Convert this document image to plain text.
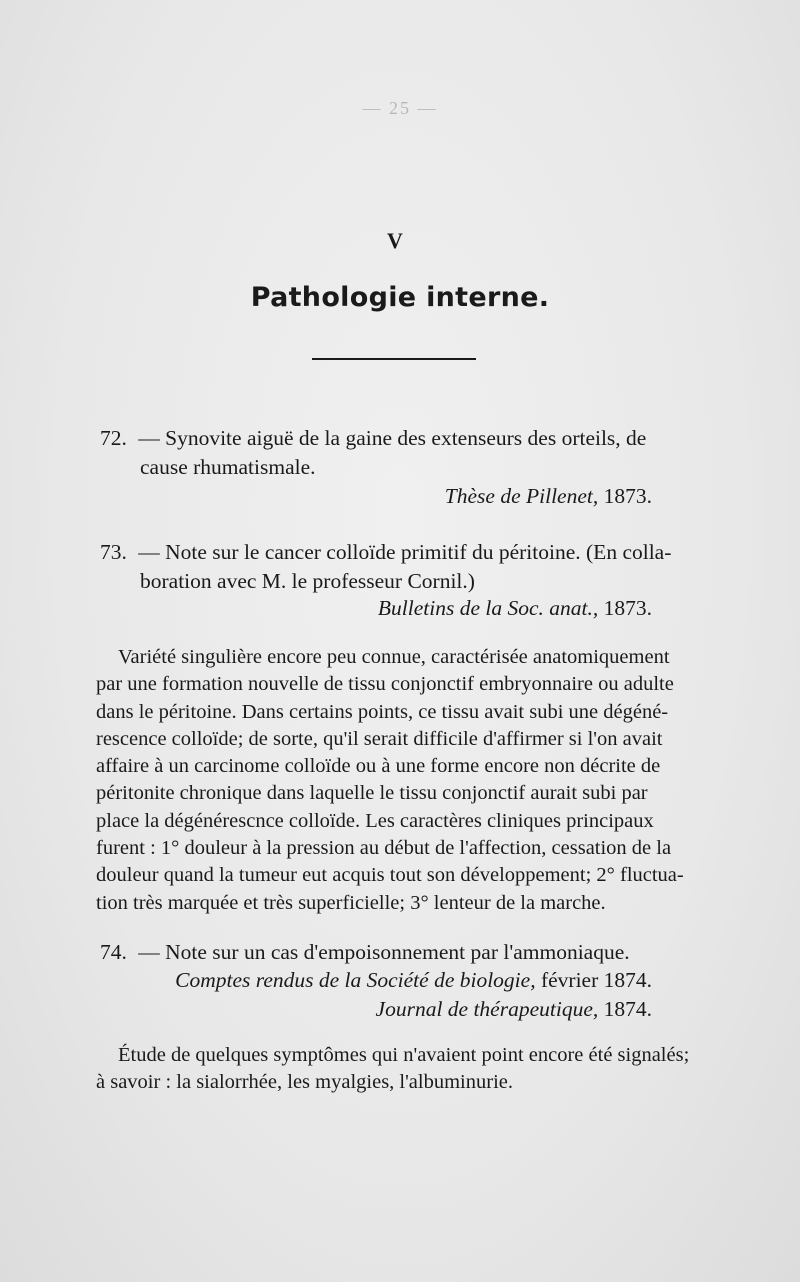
— 25 —
V
Pathologie interne.
72. — Synovite aiguë de la gaine des extenseurs des orteils, de
cause rhumatismale.
Thèse de Pillenet, 1873.
73. — Note sur le cancer colloïde primitif du péritoine. (En colla-
boration avec M. le professeur Cornil.)
Bulletins de la Soc. anat., 1873.
Variété singulière encore peu connue, caractérisée anatomiquement
par une formation nouvelle de tissu conjonctif embryonnaire ou adulte
dans le péritoine. Dans certains points, ce tissu avait subi une dégéné-
rescence colloïde; de sorte, qu'il serait difficile d'affirmer si l'on avait
affaire à un carcinome colloïde ou à une forme encore non décrite de
péritonite chronique dans laquelle le tissu conjonctif aurait subi par
place la dégénérescnce colloïde. Les caractères cliniques principaux
furent : 1° douleur à la pression au début de l'affection, cessation de la
douleur quand la tumeur eut acquis tout son développement; 2° fluctua-
tion très marquée et très superficielle; 3° lenteur de la marche.
74. — Note sur un cas d'empoisonnement par l'ammoniaque.
Comptes rendus de la Société de biologie, février 1874.
Journal de thérapeutique, 1874.
Étude de quelques symptômes qui n'avaient point encore été signalés;
à savoir : la sialorrhée, les myalgies, l'albuminurie.
